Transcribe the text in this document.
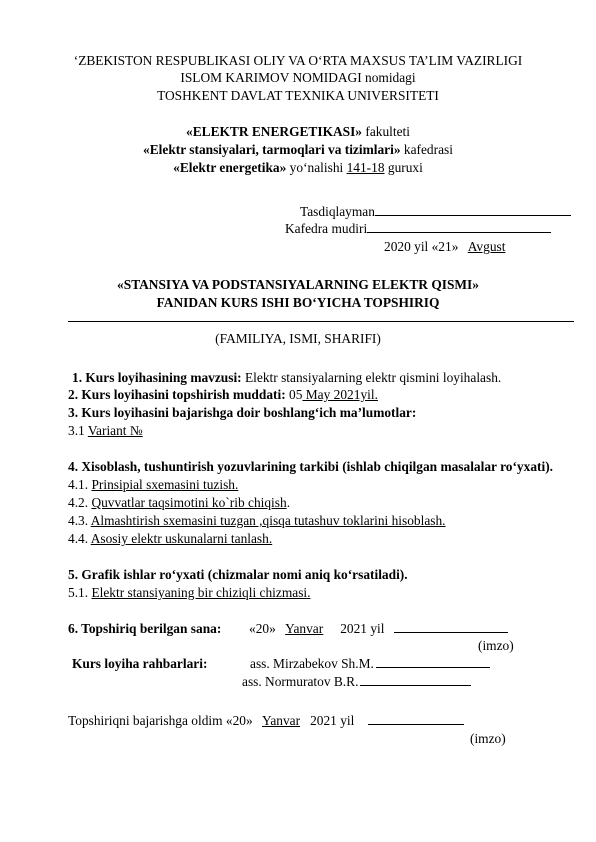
‘ZBEKISTON RESPUBLIKASI OLIY VA O‘RTA MAXSUS TA’LIM VAZIRLIGI
ISLOM KARIMOV NOMIDAGI nomidagi
TOSHKENT DAVLAT TEXNIKA UNIVERSITETI
«ELEKTR ENERGETIKASI» fakulteti
«Elektr stansiyalari, tarmoqlari va tizimlari» kafedrasi
«Elektr energetika» yo‘nalishi 141-18 guruxi
Tasdiqlayman
Kafedra mudiri
2020 yil «21» Avgust
«STANSIYA VA PODSTANSIYALARNING ELEKTR QISMI»
FANIDAN KURS ISHI BO‘YICHA TOPSHIRIQ
(FAMILIYA, ISMI, SHARIFI)
1. Kurs loyihasining mavzusi: Elektr stansiyalarning elektr qismini loyihalash.
2. Kurs loyihasini topshirish muddati: 05 May 2021yil.
3. Kurs loyihasini bajarishga doir boshlang‘ich ma’lumotlar:
3.1 Variant №
4. Xisoblash, tushuntirish yozuvlarining tarkibi (ishlab chiqilgan masalalar ro‘yxati).
4.1. Prinsipial sxemasini tuzish.
4.2. Quvvatlar taqsimotini ko`rib chiqish.
4.3. Almashtirish sxemasini tuzgan ,qisqa tutashuv toklarini hisoblash.
4.4. Asosiy elektr uskunalarni tanlash.
5. Grafik ishlar ro‘yxati (chizmalar nomi aniq ko‘rsatiladi).
5.1. Elektr stansiyaning bir chiziqli chizmasi.
6. Topshiriq berilgan sana: «20» Yanvar 2021 yil
(imzo)
Kurs loyiha rahbarlari:	ass. Mirzabekov Sh.M.
ass. Normuratov B.R.
Topshiriqni bajarishga oldim «20» Yanvar 2021 yil
(imzo)
